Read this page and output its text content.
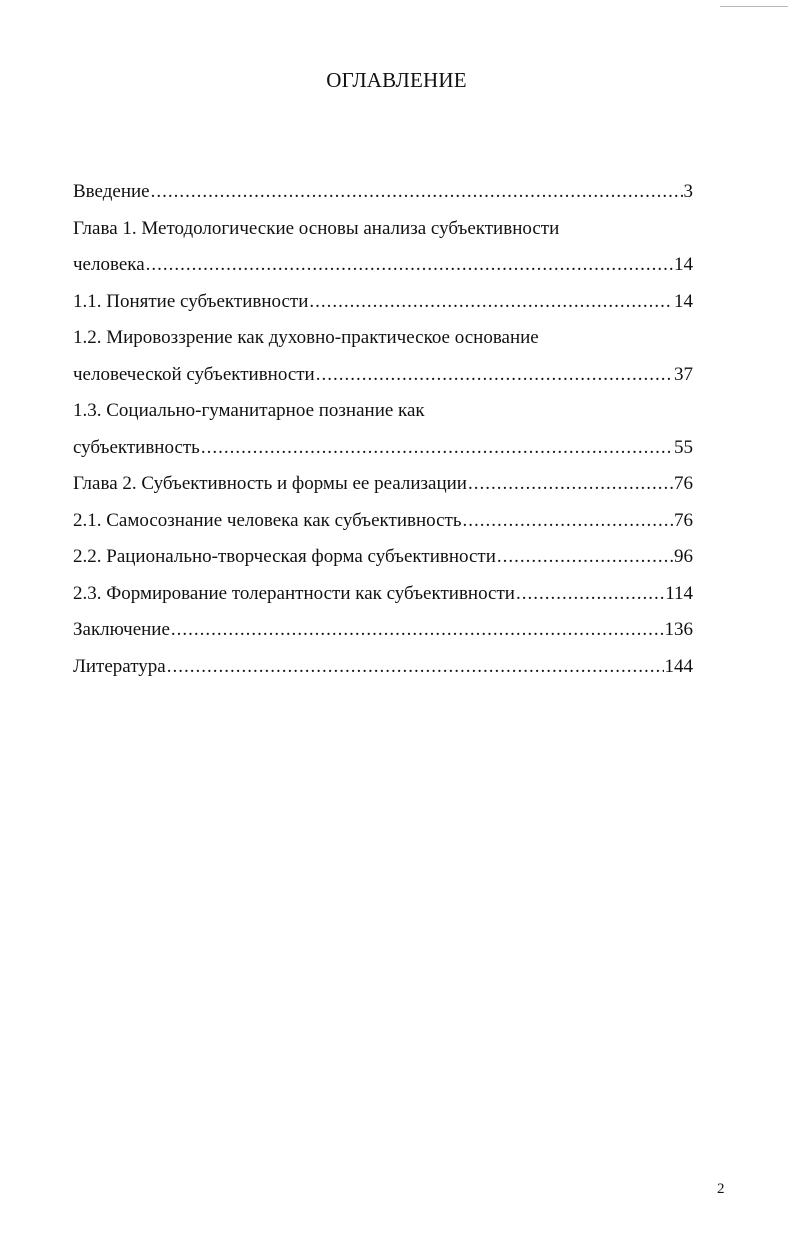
ОГЛАВЛЕНИЕ
Введение .....	3
Глава 1. Методологические основы анализа субъективности
человека .....	14
1.1. Понятие субъективности .....	14
1.2. Мировоззрение как духовно-практическое основание
человеческой субъективности .....	37
1.3. Социально-гуманитарное познание как
субъективность .....	55
Глава 2. Субъективность и формы ее реализации .....	76
2.1. Самосознание человека как субъективность .....	76
2.2. Рационально-творческая форма субъективности .....	96
2.3. Формирование толерантности как субъективности .....	114
Заключение .....	136
Литература .....	144
2
